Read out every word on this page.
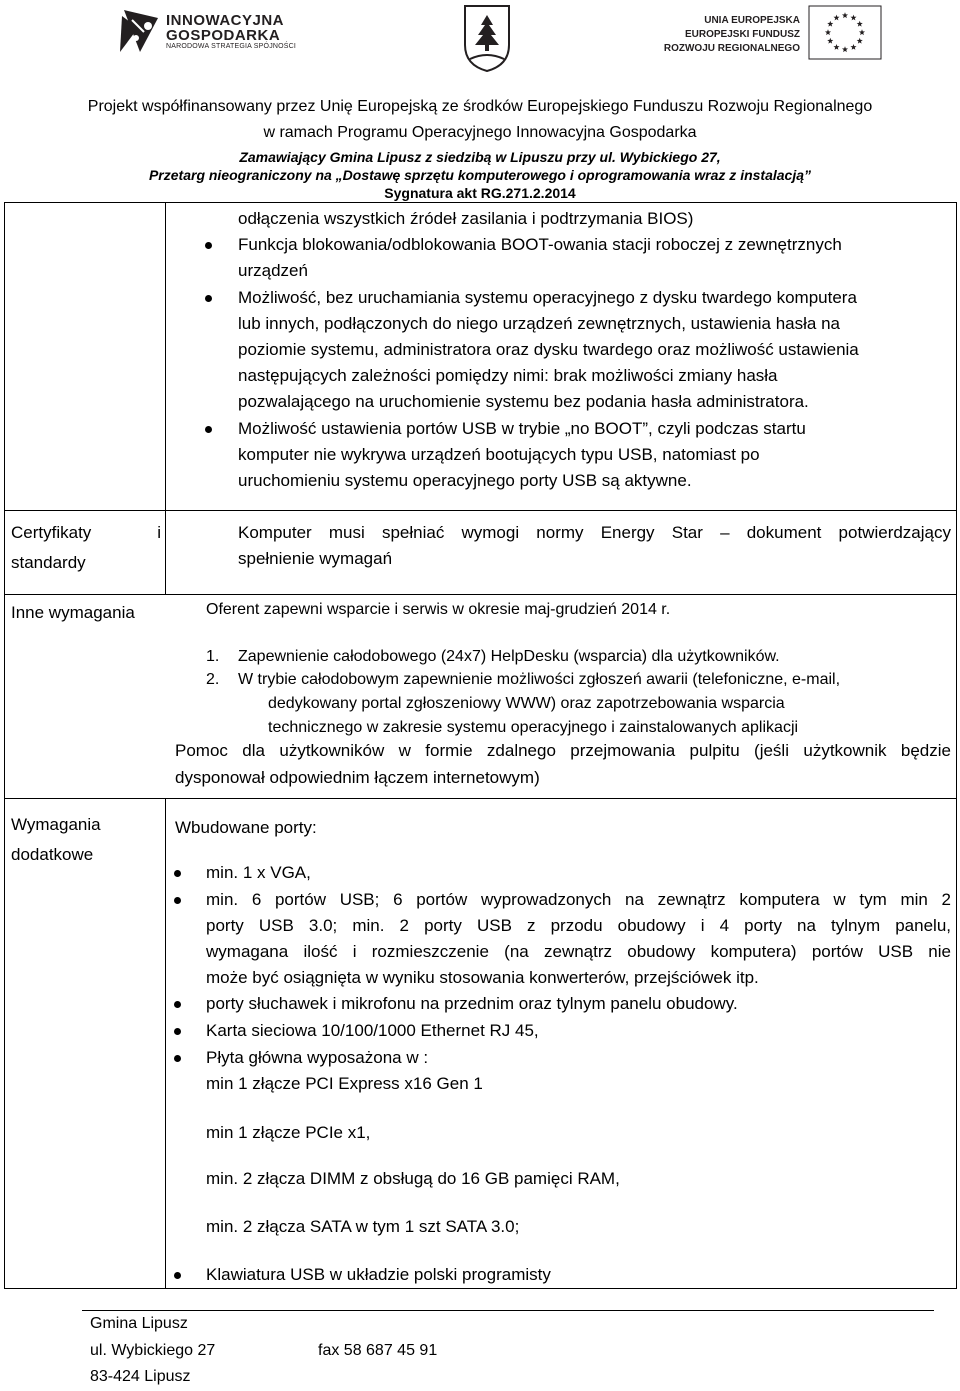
INNOWACYJNA
GOSPODARKA
NARODOWA STRATEGIA SPÓJNOŚCI
UNIA EUROPEJSKA
EUROPEJSKI FUNDUSZ
ROZWOJU REGIONALNEGO
Projekt współfinansowany przez Unię Europejską ze środków Europejskiego Funduszu Rozwoju Regionalnego
w ramach Programu Operacyjnego Innowacyjna Gospodarka
Zamawiający Gmina Lipusz z siedzibą w Lipuszu przy ul. Wybickiego 27,
Przetarg nieograniczony na „Dostawę sprzętu komputerowego i oprogramowania wraz z instalacją”
Sygnatura akt RG.271.2.2014
odłączenia wszystkich źródeł zasilania i podtrzymania BIOS)
Funkcja blokowania/odblokowania BOOT-owania stacji roboczej z zewnętrznych
urządzeń
Możliwość, bez uruchamiania systemu operacyjnego z dysku twardego komputera
lub innych, podłączonych do niego urządzeń zewnętrznych, ustawienia hasła na
poziomie systemu, administratora oraz dysku twardego oraz możliwość ustawienia
następujących zależności pomiędzy nimi: brak możliwości zmiany hasła
pozwalającego na uruchomienie systemu bez podania hasła administratora.
Możliwość ustawienia portów USB w trybie „no BOOT”, czyli podczas startu
komputer nie wykrywa urządzeń bootujących typu USB, natomiast po
uruchomieniu systemu operacyjnego porty USB są aktywne.
Certyfikaty i
standardy
Komputer musi spełniać wymogi normy Energy Star – dokument potwierdzający
spełnienie wymagań
Inne wymagania	Oferent zapewni wsparcie i serwis w okresie maj-grudzień 2014 r.
1. Zapewnienie całodobowego (24x7) HelpDesku (wsparcia) dla użytkowników.
2. W trybie całodobowym zapewnienie możliwości zgłoszeń awarii (telefoniczne, e-mail,
dedykowany portal zgłoszeniowy WWW) oraz zapotrzebowania wsparcia
technicznego w zakresie systemu operacyjnego i zainstalowanych aplikacji
Pomoc dla użytkowników w formie zdalnego przejmowania pulpitu (jeśli użytkownik będzie
dysponował odpowiednim łączem internetowym)
Wymagania
dodatkowe
Wbudowane porty:
min. 1 x VGA,
min. 6 portów USB; 6 portów wyprowadzonych na zewnątrz komputera w tym min 2
porty USB 3.0; min. 2 porty USB z przodu obudowy i 4 porty na tylnym panelu,
wymagana ilość i rozmieszczenie (na zewnątrz obudowy komputera) portów USB nie
może być osiągnięta w wyniku stosowania konwerterów, przejściówek itp.
porty słuchawek i mikrofonu na przednim oraz tylnym panelu obudowy.
Karta sieciowa 10/100/1000 Ethernet RJ 45,
Płyta główna wyposażona w :
min 1 złącze PCI Express x16 Gen 1
min 1 złącze PCIe x1,
min. 2 złącza DIMM z obsługą do 16 GB pamięci RAM,
min. 2 złącza SATA w tym 1 szt SATA 3.0;
Klawiatura USB w układzie polski programisty
Gmina Lipusz
ul. Wybickiego 27	fax 58 687 45 91
83-424 Lipusz
